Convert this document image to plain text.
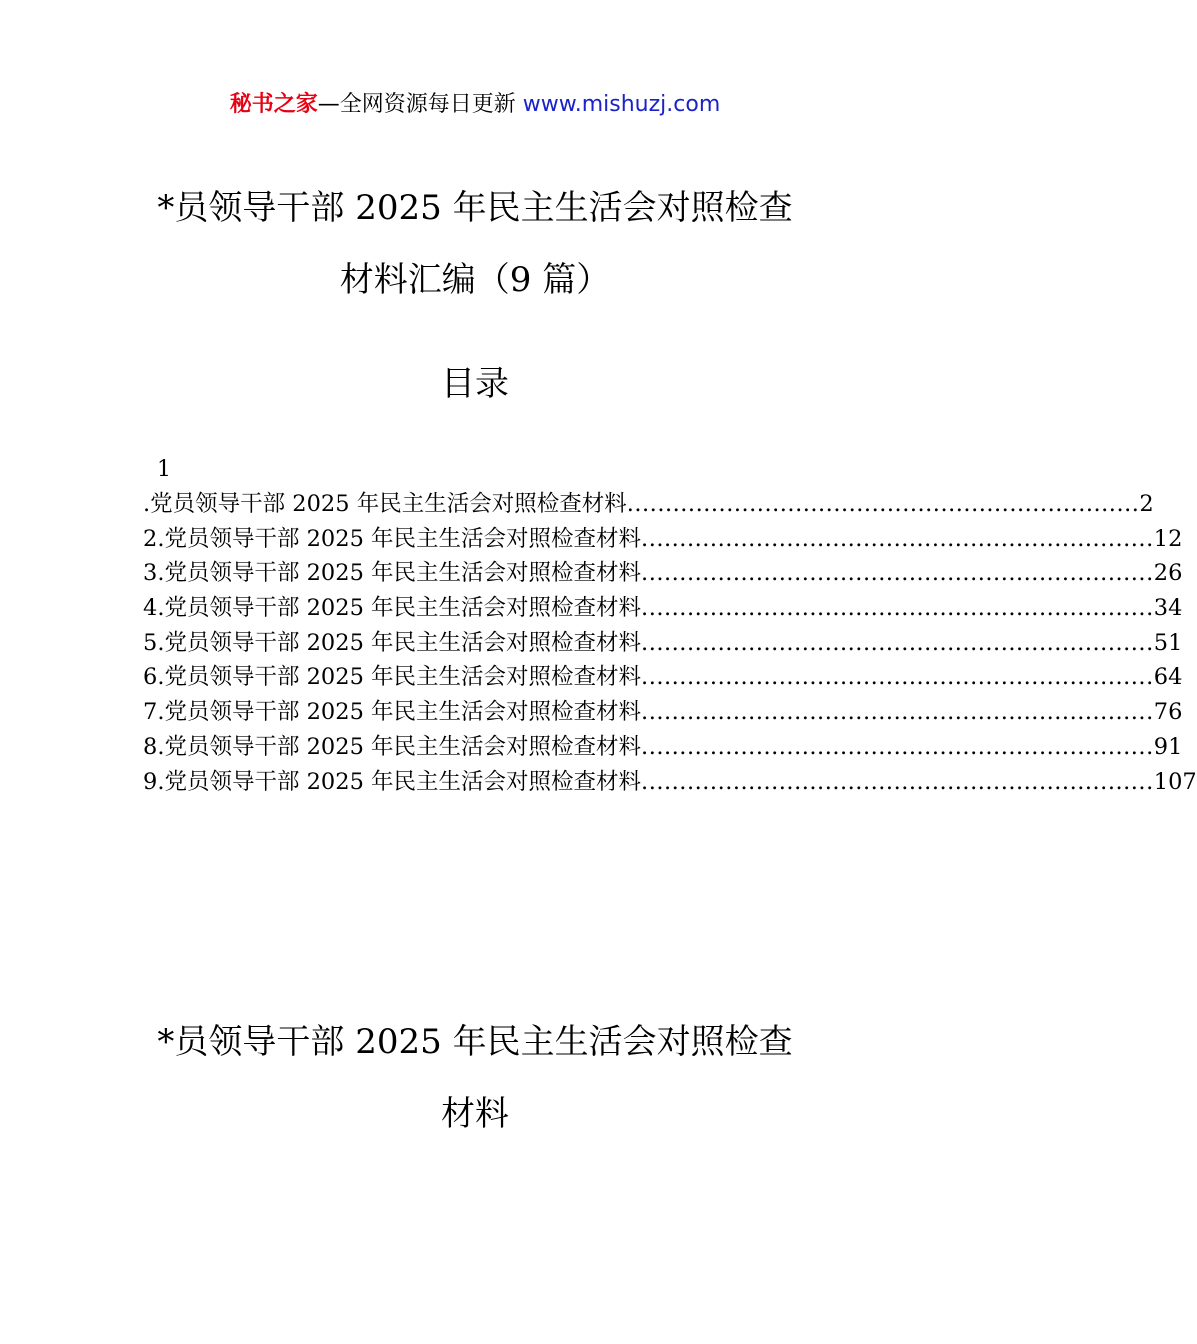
秘书之家—全网资源每日更新 www.mishuzj.com
*员领导干部 2025 年民主生活会对照检查
材料汇编（9 篇）
目录
1
.党员领导干部 2025 年民主生活会对照检查材料 ................................................................... 2
2.党员领导干部 2025 年民主生活会对照检查材料 ................................................................... 12
3.党员领导干部 2025 年民主生活会对照检查材料 ................................................................... 26
4.党员领导干部 2025 年民主生活会对照检查材料 ................................................................... 34
5.党员领导干部 2025 年民主生活会对照检查材料 ................................................................... 51
6.党员领导干部 2025 年民主生活会对照检查材料 ................................................................... 64
7.党员领导干部 2025 年民主生活会对照检查材料 ................................................................... 76
8.党员领导干部 2025 年民主生活会对照检查材料 ................................................................... 91
9.党员领导干部 2025 年民主生活会对照检查材料 ................................................................... 107
*员领导干部 2025 年民主生活会对照检查
材料
